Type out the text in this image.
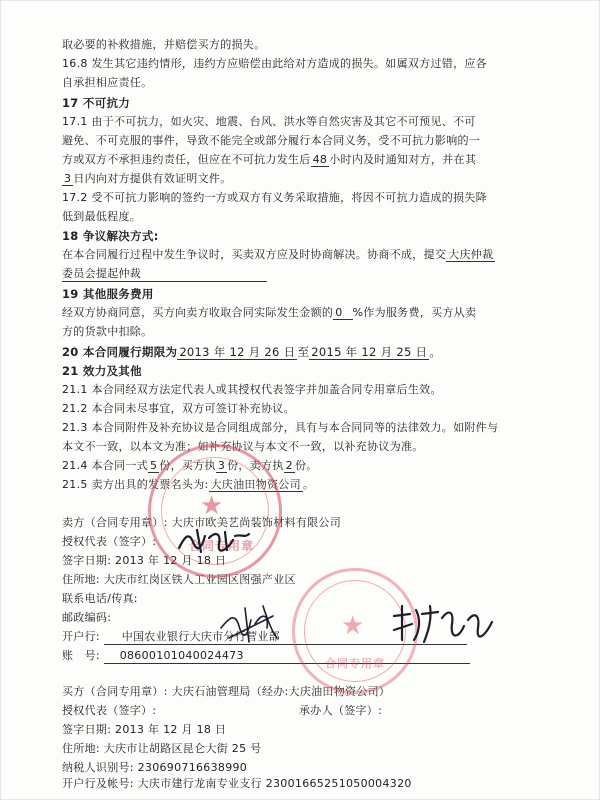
取必要的补救措施，并赔偿买方的损失。
16.8 发生其它违约情形，违约方应赔偿由此给对方造成的损失。如属双方过错，应各
自承担相应责任。
17 不可抗力
17.1 由于不可抗力，如火灾、地震、台风、洪水等自然灾害及其它不可预见、不可
避免、不可克服的事件，导致不能完全或部分履行本合同义务，受不可抗力影响的一
方或双方不承担违约责任，但应在不可抗力发生后 48 小时内及时通知对方，并在其
3 日内向对方提供有效证明文件。
17.2 受不可抗力影响的签约一方或双方有义务采取措施，将因不可抗力造成的损失降
低到最低程度。
18 争议解决方式:
在本合同履行过程中发生争议时，买卖双方应及时协商解决。协商不成，提交 大庆仲裁
委员会提起仲裁
19 其他服务费用
经双方协商同意，买方向卖方收取合同实际发生金额的 0 %作为服务费，买方从卖
方的货款中扣除。
20 本合同履行期限为 2013 年 12 月 26 日 至 2015 年 12 月 25 日 。
21 效力及其他
21.1 本合同经双方法定代表人或其授权代表签字并加盖合同专用章后生效。
21.2 本合同未尽事宜，双方可签订补充协议。
21.3 本合同附件及补充协议是合同组成部分，具有与本合同同等的法律效力。如附件与
本文不一致，以本文为准；如补充协议与本文不一致，以补充协议为准。
21.4 本合同一式 5 份，买方执 3 份，卖方执 2 份。
21.5 卖方出具的发票名头为: 大庆油田物资公司 。
卖方（合同专用章）: 大庆市欧美艺尚装饰材料有限公司
授权代表（签字）:
签字日期: 2013 年 12 月 18 日
住所地: 大庆市红岗区铁人工业园区图强产业区
联系电话/传真:
邮政编码:
开户行: 中国农业银行大庆市分行营业部
账　号: 08600101040024473
买方（合同专用章）: 大庆石油管理局（经办:大庆油田物资公司）
授权代表（签字）:	承办人（签字）:
签字日期: 2013 年 12 月 18 日
住所地: 大庆市让胡路区昆仑大街 25 号
纳税人识别号: 230690716638990
开户行及帐号: 大庆市建行龙南专业支行 23001665251050004320
★
合同专用章
★
合同专用章
